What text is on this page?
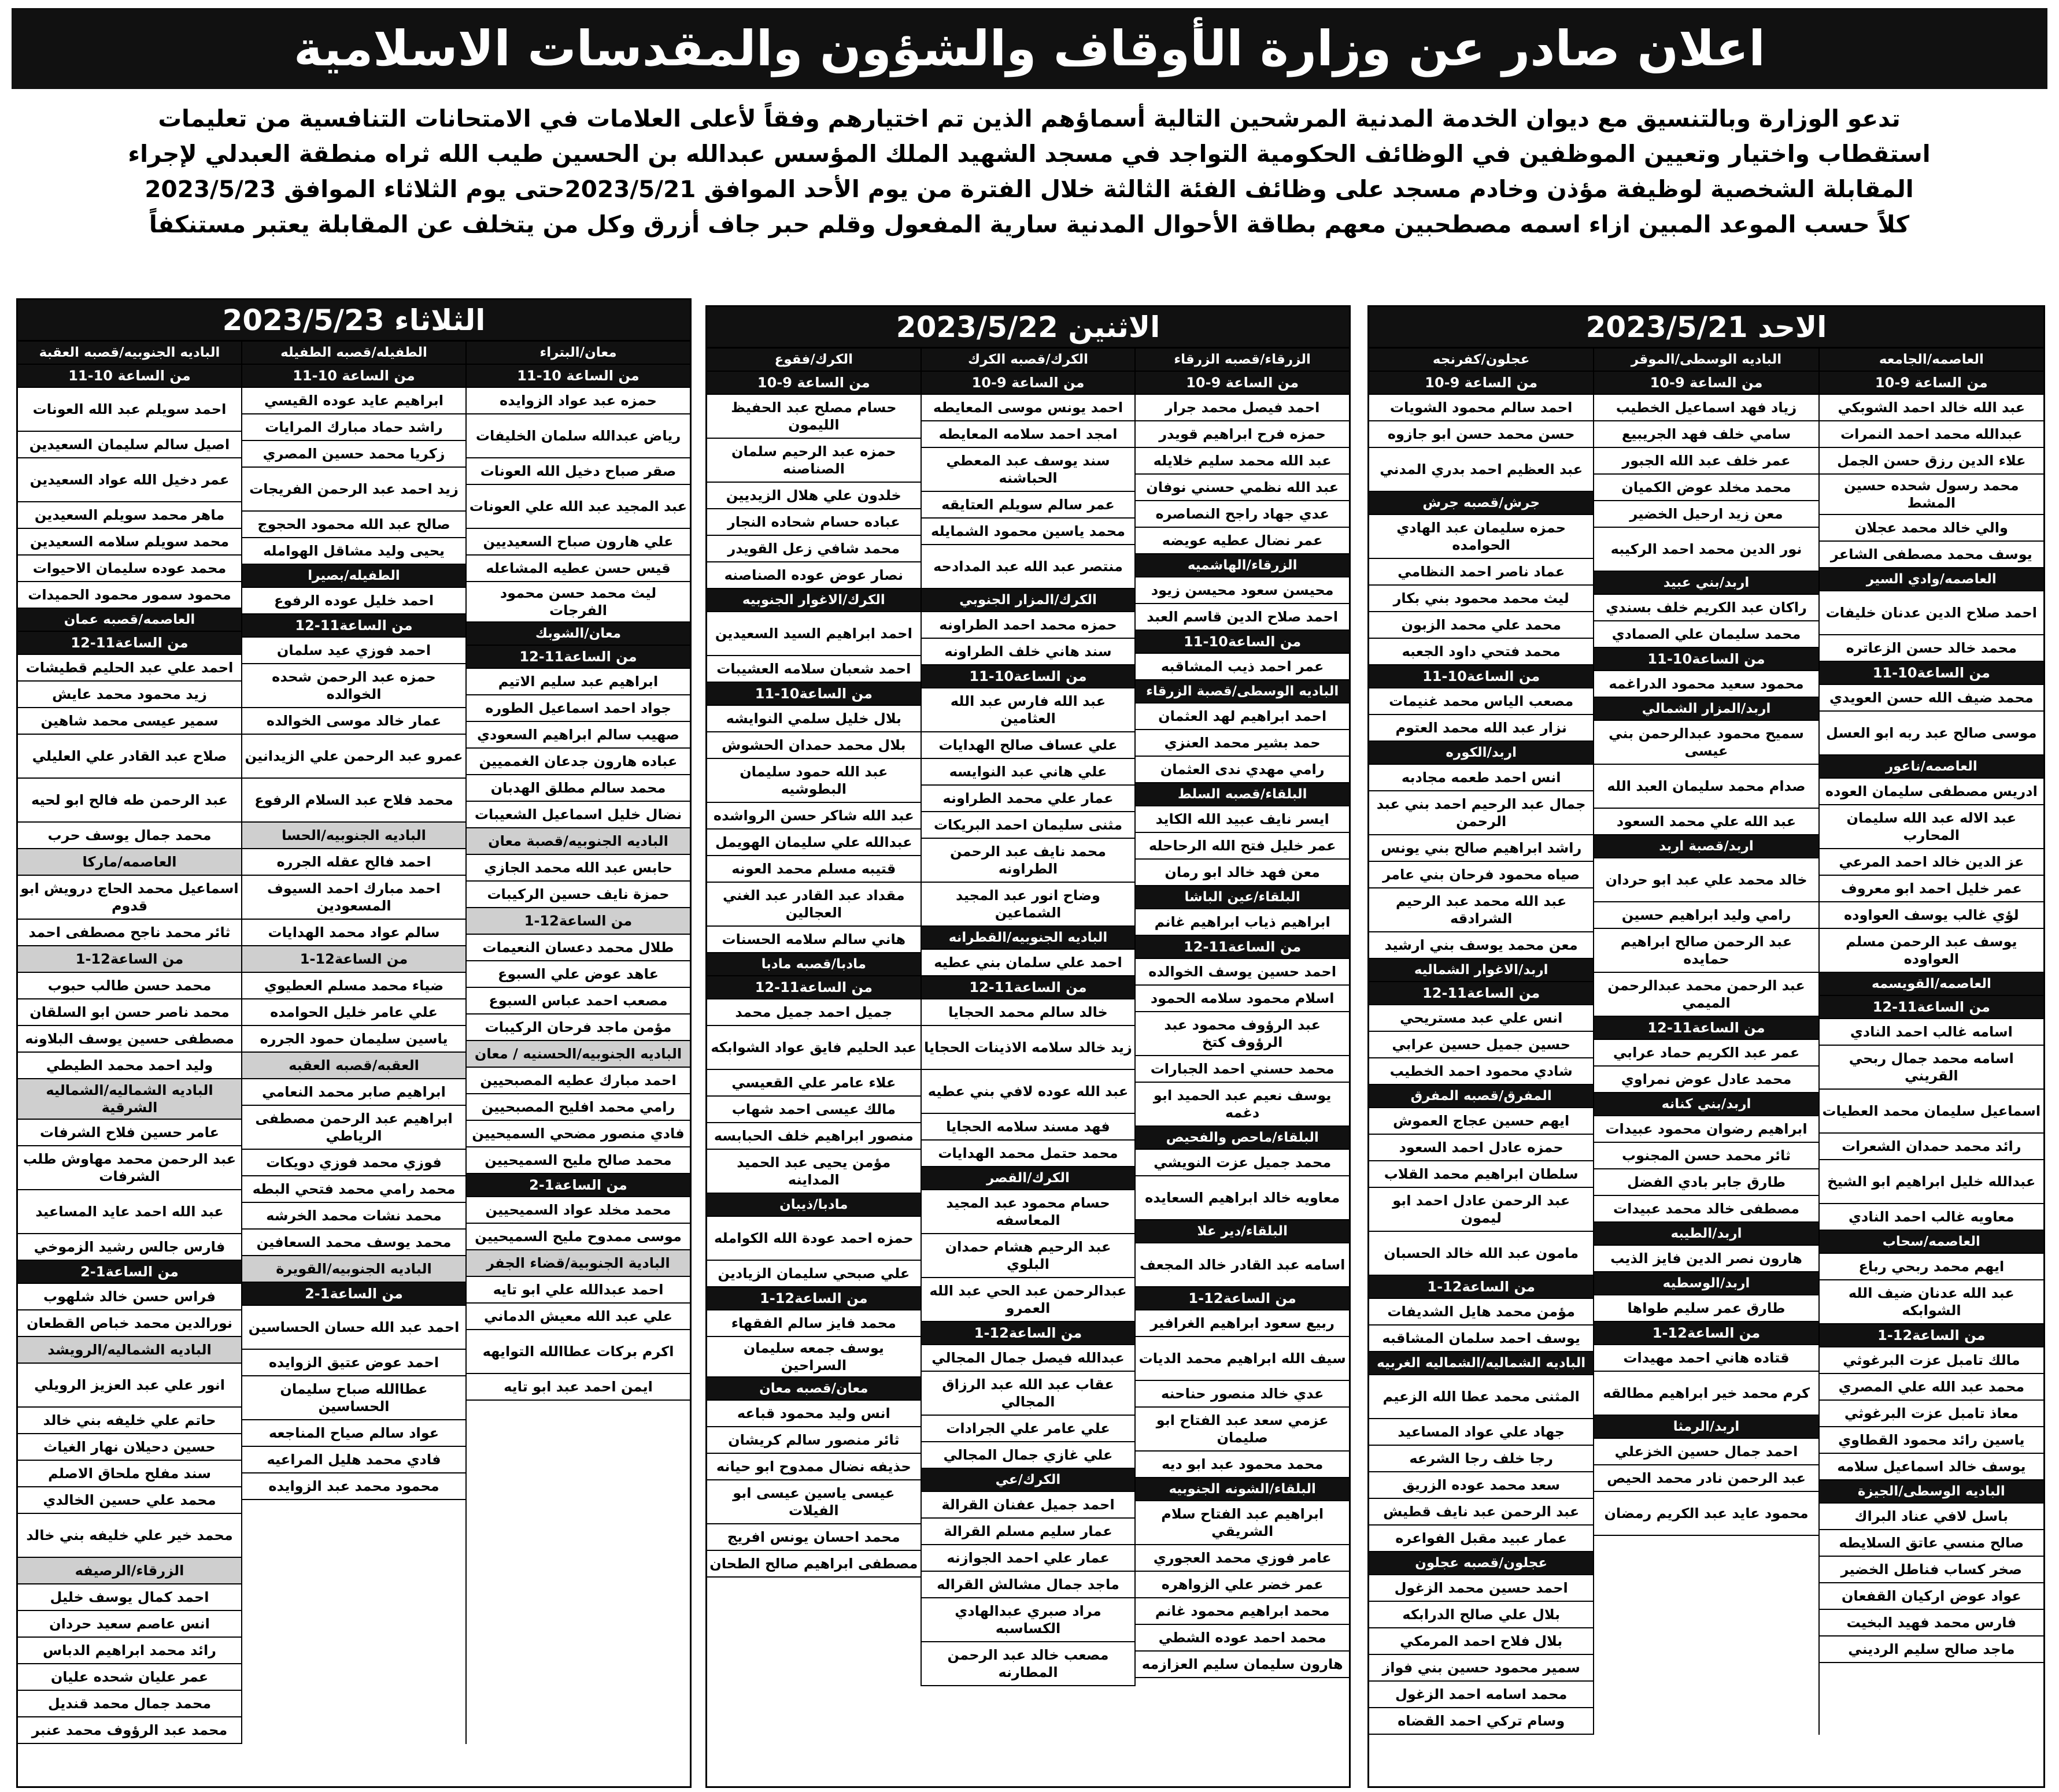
اعلان صادر عن وزارة الأوقاف والشؤون والمقدسات الاسلامية

تدعو الوزارة وبالتنسيق مع ديوان الخدمة المدنية المرشحين التالية أسماؤهم الذين تم اختيارهم وفقاً لأعلى العلامات في الامتحانات التنافسية من تعليمات

استقطاب واختيار وتعيين الموظفين في الوظائف الحكومية التواجد في مسجد الشهيد الملك المؤسس عبدالله بن الحسين طيب الله ثراه منطقة العبدلي لإجراء

المقابلة الشخصية لوظيفة مؤذن وخادم مسجد على وظائف الفئة الثالثة خلال الفترة من يوم الأحد الموافق 2023/5/21حتى يوم الثلاثاء الموافق 2023/5/23

كلاً حسب الموعد المبين ازاء اسمه مصطحبين معهم بطاقة الأحوال المدنية سارية المفعول وقلم حبر جاف أزرق وكل من يتخلف عن المقابلة يعتبر مستنكفاً

الاحد 2023/5/21
العاصمه/الجامعه
من الساعة 9-10
عبد الله خالد احمد الشوبكي
عبدالله محمد احمد النمرات
علاء الدين رزق حسن الجمل
محمد رسول شحده حسين المشط
والي خالد محمد عجلان
يوسف محمد مصطفى الشاعر
العاصمه/وادي السير
احمد صلاح الدين عدنان خليفات
محمد خالد حسن الزعاتره
من الساعة10-11
محمد ضيف الله حسن العويدي
موسى صالح عبد ربه ابو العسل
العاصمه/ناعور
ادريس مصطفى سليمان العوده
عبد الاله عبد الله سليمان المحارب
عز الدين خالد احمد المرعي
عمر خليل احمد ابو معروف
لؤي غالب يوسف العواوده
يوسف عبد الرحمن مسلم العواوده
العاصمه/القويسمه
من الساعة11-12
اسامه غالب احمد النادي
اسامه محمد جمال ربحي القريني
اسماعيل سليمان محمد العطيات
رائد محمد حمدان الشعرات
عبدالله خليل ابراهيم ابو الشيخ
معاويه غالب احمد النادي
العاصمه/سحاب
ايهم محمد ربحي رباع
عبد الله عدنان ضيف الله الشوابكه
من الساعة12-1
مالك تامبل عزت البرغوثي
محمد عبد الله علي المصري
معاذ تامبل عزت البرغوثي
ياسين رائد محمود القطاوي
يوسف خالد اسماعيل سلامه
الباديه الوسطى/الجيزة
باسل لافي عناد البراك
صالح منسي عاتق السلايطه
صخر كساب فناطل الخضير
عواد عوض اركيان القفعان
فارس محمد فهيد البخيت
ماجد صالح سليم الرديني
الباديه الوسطى/الموقر
من الساعة 9-10
زياد فهد اسماعيل الخطيب
سامي خلف فهد الجريبيع
عمر خلف عبد الله الجبور
محمد مخلد عوض الكميان
معن زيد ارحيل الخضير
نور الدين محمد احمد الركيبه
اربد/بني عبيد
راكان عبد الكريم خلف بسندي
محمد سليمان علي الصمادي
من الساعة10-11
محمود سعيد محمود الدراغمه
اربد/المزار الشمالي
سميح محمود عبدالرحمن بني عيسى
صدام محمد سليمان العبد الله
عبد الله علي محمد السعود
اربد/قصبة اربد
خالد محمد علي عبد ابو حردان
رامي وليد ابراهيم حسين
عبد الرحمن صالح ابراهيم حمايده
عبد الرحمن محمد عبدالرحمن الميمي
من الساعة11-12
عمر عبد الكريم حماد عرابي
محمد عادل عوض نمراوي
اربد/بني كنانه
ابراهيم رضوان محمود عبيدات
ثائر محمد حسن المجنوب
طارق جابر بادي الفضل
مصطفى خالد محمد عبيدات
اربد/الطيبه
هارون نصر الدين فايز الذيب
اربد/الوسطيه
طارق عمر سليم طواها
من الساعة12-1
قتاده هاني احمد مهيدات
كرم محمد خير ابراهيم مطالقه
اربد/الرمثا
احمد جمال حسين الخزعلي
عبد الرحمن نادر محمد الحيص
محمود عايد عبد الكريم رمضان
عجلون/كفرنجه
من الساعة 9-10
احمد سالم محمود الشويات
حسن محمد حسن ابو جازوه
عبد العظيم احمد بدري المدني
جرش/قصبه جرش
حمزه سليمان عبد الهادي الحوامده
عماد ناصر احمد النظامي
ليث محمد محمود بني بكار
محمد علي محمد الزبون
محمد فتحي داود الجعبه
من الساعة10-11
مصعب الياس محمد غنيمات
نزار عبد الله محمد العتوم
اربد/الكوره
انس احمد طعمه مجادبه
جمال عبد الرحيم احمد بني عبد الرحمن
راشد ابراهيم صالح بني يونس
صياه محمود فرحان بني عامر
عبد الله محمد عبد الرحيم الشرادقه
معن محمد يوسف بني ارشيد
اربد/الاغوار الشماليه
من الساعة11-12
انس علي عبد مستريحي
حسين جميل حسين عرابي
شادي محمود احمد الخطيب
المفرق/قصبه المفرق
ايهم حسين عجاج العموش
حمزه عادل احمد السعود
سلطان ابراهيم محمد القلاب
عبد الرحمن عادل احمد ابو ليمون
مامون عبد الله خالد الحسبان
من الساعة12-1
مؤمن محمد هايل الشديفات
يوسف احمد سلمان المشاقبه
الباديه الشماليه/الشماليه الغربيه
المثنى محمد عطا الله الزعيم
جهاد علي عواد المساعيد
رجا خلف رجا الشرعه
سعد محمد عوده الزريق
عبد الرحمن عبد نايف قطيش
عمار عبيد مقبل الفواعره
عجلون/قصبه عجلون
احمد حسين محمد الزغول
بلال علي صالح الدرابكه
بلال فلاح احمد المرمكي
سمير محمود حسين بني فواز
محمد اسامه احمد الزغول
وسام تركي احمد القضاه
الاثنين 2023/5/22
الزرقاء/قصبه الزرقاء
من الساعة 9-10
احمد فيصل محمد جرار
حمزه فرح ابراهيم قويدر
عبد الله محمد سليم خلايله
عبد الله نظمي حسني نوفان
عدي جهاد راجح النصاصره
عمر نضال عطيه عويضه
الزرقاء/الهاشميه
محيسن سعود محيسن زيود
احمد صلاح الدين قاسم العبد
من الساعة10-11
عمر احمد ذيب المشاقبه
الباديه الوسطى/قصبة الزرقاء
احمد ابراهيم لهد العثمان
حمد بشير محمد العنزي
رامي مهدي ندى العثمان
البلقاء/قصبه السلط
ايسر نايف عبيد الله الكايد
عمر خليل فتح الله الرحاحله
معن فهد خالد ابو رمان
البلقاء/عين الباشا
ابراهيم ذياب ابراهيم غانم
من الساعة11-12
احمد حسين يوسف الخوالده
اسلام محمود سلامه الحمود
عبد الرؤوف محمود عبد الرؤوف كتخ
محمد حسني احمد الجبارات
يوسف نعيم عبد الحميد ابو دغمه
البلقاء/ماحص والفحيص
محمد جميل عزت النويشي
معاويه خالد ابراهيم السعايده
البلقاء/دير علا
اسامه عبد القادر خالد المجعف
من الساعة12-1
ربيع سعود ابراهيم الغرافير
سيف الله ابراهيم محمد الديات
عدي خالد منصور حناحنه
عزمي سعد عبد الفتاح ابو صليمان
محمد محمود عبد ابو ديه
البلقاء/الشونه الجنوبيه
ابراهيم عبد الفتاح سلام الشريقي
عامر فوزي محمد العجوري
عمر خضر علي الزواهره
محمد ابراهيم محمود غانم
محمد احمد عوده الشطي
هارون سليمان سليم العزازمه
الكرك/قصبه الكرك
من الساعة 9-10
احمد يونس موسى المعايطه
امجد احمد سلامه المعايطه
سند يوسف عبد المعطي الحباشنه
عمر سالم سويلم العتايقه
محمد ياسين محمود الشمايله
منتصر عبد الله عبد المدادحه
الكرك/المزار الجنوبي
حمزه محمد احمد الطراونه
سند هاني خلف الطراونه
من الساعة10-11
عبد الله فارس عبد الله العثامين
علي عساف صالح الهدايات
علي هاني عبد النوايسه
عمار علي محمد الطراونه
مثنى سليمان احمد البريكات
محمد نايف عبد الرحمن الطراونه
وضاح انور عبد المجيد الشماعين
الباديه الجنوبيه/القطرانه
احمد علي سلمان بني عطيه
من الساعة11-12
خالد سالم محمد الحجايا
زيد خالد سلامه الاذينات الحجايا
عبد الله عوده لافي بني عطيه
فهد مسند سلامه الحجايا
محمد حتمل محمد الهدايات
الكرك/القصر
حسام محمود عبد المجيد المعاسفه
عبد الرحيم هشام حمدان البلوي
عبدالرحمن عبد الحي عبد الله العمرو
من الساعة12-1
عبدالله فيصل جمال المجالي
عقاب عبد الله عبد الرزاق المجالي
علي عامر علي الجرادات
علي غازي جمال المجالي
الكرك/عي
احمد جميل عفنان القرالة
عمار سليم مسلم القرالة
عمار علي احمد الجوازنه
ماجد جمال مشالش القراله
مراد صبري عبدالهادي الكساسبه
مصعب خالد عبد الرحمن المطارنه
الكرك/فقوع
من الساعة 9-10
حسام مصلح عبد الحفيظ الليمون
حمزه عبد الرحيم سلمان الصناصنه
خلدون علي هلال الزيديين
عباده حسام شحاده النجار
محمد شافي زعل القويدر
نصار عوض عوده الصناصنه
الكرك/الاغوار الجنوبيه
احمد ابراهيم السيد السعيدين
احمد شعبان سلامه العشيبات
من الساعة10-11
بلال خليل سلمي النوايشه
بلال محمد حمدان الحشوش
عبد الله حمود سليمان البطوشيه
عبد الله شاكر حسن الرواشده
عبدالله علي سليمان الهويمل
قتيبه مسلم محمد العونه
مقداد عبد القادر عبد الغني العجالين
هاني سالم سلامه الحسنات
مادبا/قصبه مادبا
من الساعة11-12
جميل احمد جميل محمد
عبد الحليم فايق عواد الشوابكه
علاء عامر علي القعيسي
مالك عيسى احمد شهاب
منصور ابراهيم خلف الحبابسه
مؤمن يحيى عبد الحميد المداينه
مادبا/ذيبان
حمزه احمد عودة الله الكوامله
علي صبحي سليمان الزيادين
من الساعة12-1
محمد فايز سالم الفقهاء
يوسف جمعه سليمان السراحين
معان/قصبه معان
انس وليد محمود قباعه
ثائر منصور سالم كريشان
حذيفه نضال ممدوح ابو حيانه
عيسى ياسين عيسى ابو الفيلات
محمد احسان يونس افريج
مصطفى ابراهيم صالح الطحان
الثلاثاء 2023/5/23
معان/البتراء
من الساعة 10-11
حمزه عبد عواد الزوايده
رياض عبدالله سلمان الخليفات
صقر صباح دخيل الله العونات
عبد المجيد عبد الله علي العونات
علي هارون صباح السعيديين
قيس حسن عطيه المشاعله
ليث محمد حسن محمود الفرجات
معان/الشوبك
من الساعة11-12
ابراهيم عبد سليم الاتيم
جواد احمد اسماعيل الطوره
صهيب سالم ابراهيم السعودي
عباده هارون جدعان الغمميين
محمد سالم مطلق الهدبان
نضال خليل اسماعيل الشعيبات
الباديه الجنوبيه/قصبة معان
حابس عبد الله محمد الجازي
حمزة نايف حسين الركيبات
من الساعة12-1
طلال محمد دعسان النعيمات
عاهد عوض علي السبوع
مصعب احمد عباس السبوع
مؤمن ماجد فرحان الركيبات
الباديه الجنوبيه/الحسنيه / معان
احمد مبارك عطيه المصبحيين
رامي محمد افليح المصبحيين
فادي منصور مضحي السميحيين
محمد صالح مليح السميحيين
من الساعة1-2
محمد مخلد عواد السميحيين
موسى ممدوح مليح السميحيين
البادية الجنوبية/قضاء الجفر
احمد عبدالله علي ابو تايه
علي عبد الله معيش الدماني
اكرم بركات عطاالله التوايهه
ايمن احمد عبد ابو تايه
الطفيله/قصبه الطفيله
من الساعة 10-11
ابراهيم عايد عوده القيسي
راشد حماد مبارك المرايات
زكريا محمد حسين المصري
زيد احمد عبد الرحمن الفريجات
صالح عبد الله محمود الحجوج
يحيى وليد مشاقل الهوامله
الطفيله/بصيرا
احمد خليل عوده الرفوع
من الساعة11-12
احمد فوزي عيد سلمان
حمزه عبد الرحمن شحده الخوالده
عمار خالد موسى الخوالده
عمرو عبد الرحمن علي الزيدانين
محمد فلاح عبد السلام الرفوع
الباديه الجنوبيه/الحسا
احمد فالح عقله الجرره
احمد مبارك احمد السيوف المسعودين
سالم عواد محمد الهدايات
من الساعة12-1
ضياء محمد مسلم العطيوي
علي عامر خليل الحوامده
ياسين سليمان حمود الجرره
العقبه/قصبه العقبه
ابراهيم صابر محمد النعامي
ابراهيم عبد الرحمن مصطفى الرياطي
فوزي محمد فوزي دويكات
محمد رامي محمد فتحي البطه
محمد نشات محمد الخرشه
محمد يوسف محمد السعافين
الباديه الجنوبيه/القويرة
من الساعة1-2
احمد عبد الله حسان الحساسين
احمد عوض عتيق الزوايده
عطاالله صباح سليمان الحساسين
عواد سالم صياح المناجعه
فادي محمد هليل المراعيه
محمود محمد عبد الزوايده
الباديه الجنوبيه/قصبه العقبة
من الساعة 10-11
احمد سويلم عبد الله العونات
اصيل سالم سليمان السعيدين
عمر دخيل الله عواد السعيدين
ماهر محمد سويلم السعيدين
محمد سويلم سلامه السعيدين
محمد عوده سليمان الاحيوات
محمود سمور محمود الحميدات
العاصمه/قصبه عمان
من الساعة11-12
احمد علي عبد الحليم قطيشات
زيد محمود محمد عايش
سمير عيسى محمد شاهين
صلاح عبد القادر علي العليلي
عبد الرحمن طه فالح ابو لحيه
محمد جمال يوسف حرب
العاصمه/ماركا
اسماعيل محمد الحاج درويش ابو قدوم
ثائر محمد ناجح مصطفى احمد
من الساعة12-1
محمد حسن طالب حبوب
محمد ناصر حسن ابو السلقان
مصطفى حسين يوسف البلاونه
وليد احمد محمد الطيطي
الباديه الشماليه/الشماليه الشرقية
عامر حسين فلاح الشرفات
عبد الرحمن محمد مهاوش طلب الشرفات
عبد الله احمد عايد المساعيد
فارس جالس رشيد الزموخي
من الساعة1-2
فراس حسن خالد شلهوب
نورالدين محمد خباص القطعان
الباديه الشماليه/الرويشد
انور علي عبد العزيز الرويلي
حاتم علي خليفه بني خالد
حسين دحيلان نهار الغياث
سند مفلح ملحاق الاصلم
محمد علي حسين الخالدي
محمد خير علي خليفه بني خالد
الزرقاء/الرصيفه
احمد كمال يوسف خليل
انس عاصم سعيد حردان
رائد محمد ابراهيم الدباس
عمر عليان شحده عليان
محمد جمال محمد قنديل
محمد عبد الرؤوف محمد عنبر
